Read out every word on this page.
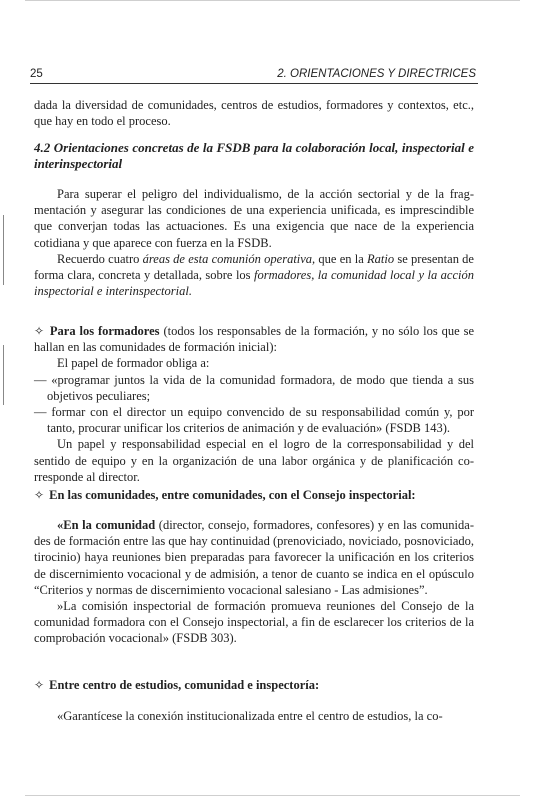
25	2. ORIENTACIONES Y DIRECTRICES

dada la diversidad de comunidades, centros de estudios, formadores y contextos, etc., que hay en todo el proceso.

4.2 Orientaciones concretas de la FSDB para la colaboración local, inspectorial e interinspectorial

Para superar el peligro del individualismo, de la acción sectorial y de la fragmentación y asegurar las condiciones de una experiencia unificada, es imprescindible que converjan todas las actuaciones. Es una exigencia que nace de la experiencia cotidiana y que aparece con fuerza en la FSDB.

Recuerdo cuatro áreas de esta comunión operativa, que en la Ratio se presentan de forma clara, concreta y detallada, sobre los formadores, la comunidad local y la acción inspectorial e interinspectorial.

✧ Para los formadores (todos los responsables de la formación, y no sólo los que se hallan en las comunidades de formación inicial):

El papel de formador obliga a:

— «programar juntos la vida de la comunidad formadora, de modo que tienda a sus objetivos peculiares;

— formar con el director un equipo convencido de su responsabilidad común y, por tanto, procurar unificar los criterios de animación y de evaluación» (FSDB 143).

Un papel y responsabilidad especial en el logro de la corresponsabilidad y del sentido de equipo y en la organización de una labor orgánica y de planificación corresponde al director.

✧ En las comunidades, entre comunidades, con el Consejo inspectorial:

«En la comunidad (director, consejo, formadores, confesores) y en las comunidades de formación entre las que hay continuidad (prenoviciado, noviciado, posnoviciado, tirocinio) haya reuniones bien preparadas para favorecer la unificación en los criterios de discernimiento vocacional y de admisión, a tenor de cuanto se indica en el opúsculo “Criterios y normas de discernimiento vocacional salesiano - Las admisiones”.

»La comisión inspectorial de formación promueva reuniones del Consejo de la comunidad formadora con el Consejo inspectorial, a fin de esclarecer los criterios de la comprobación vocacional» (FSDB 303).

✧ Entre centro de estudios, comunidad e inspectoría:

«Garantícese la conexión institucionalizada entre el centro de estudios, la co-
